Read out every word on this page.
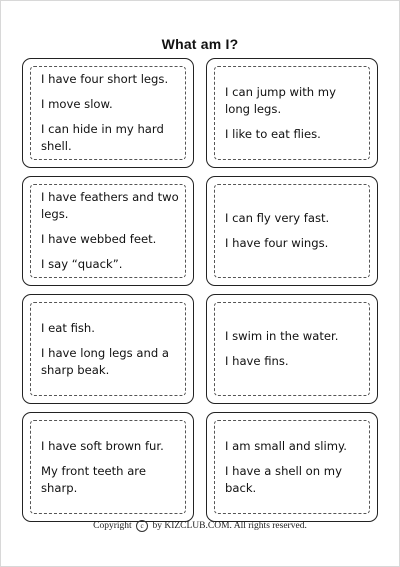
What am I?

I have four short legs.

I move slow.

I can hide in my hard shell.

I can jump with my long legs.

I like to eat flies.

I have feathers and two legs.

I have webbed feet.

I say “quack”.

I can fly very fast.

I have four wings.

I eat fish.

I have long legs and a sharp beak.

I swim in the water.

I have fins.

I have soft brown fur.

My front teeth are sharp.

I am small and slimy.

I have a shell on my back.

Copyright c by KIZCLUB.COM. All rights reserved.
